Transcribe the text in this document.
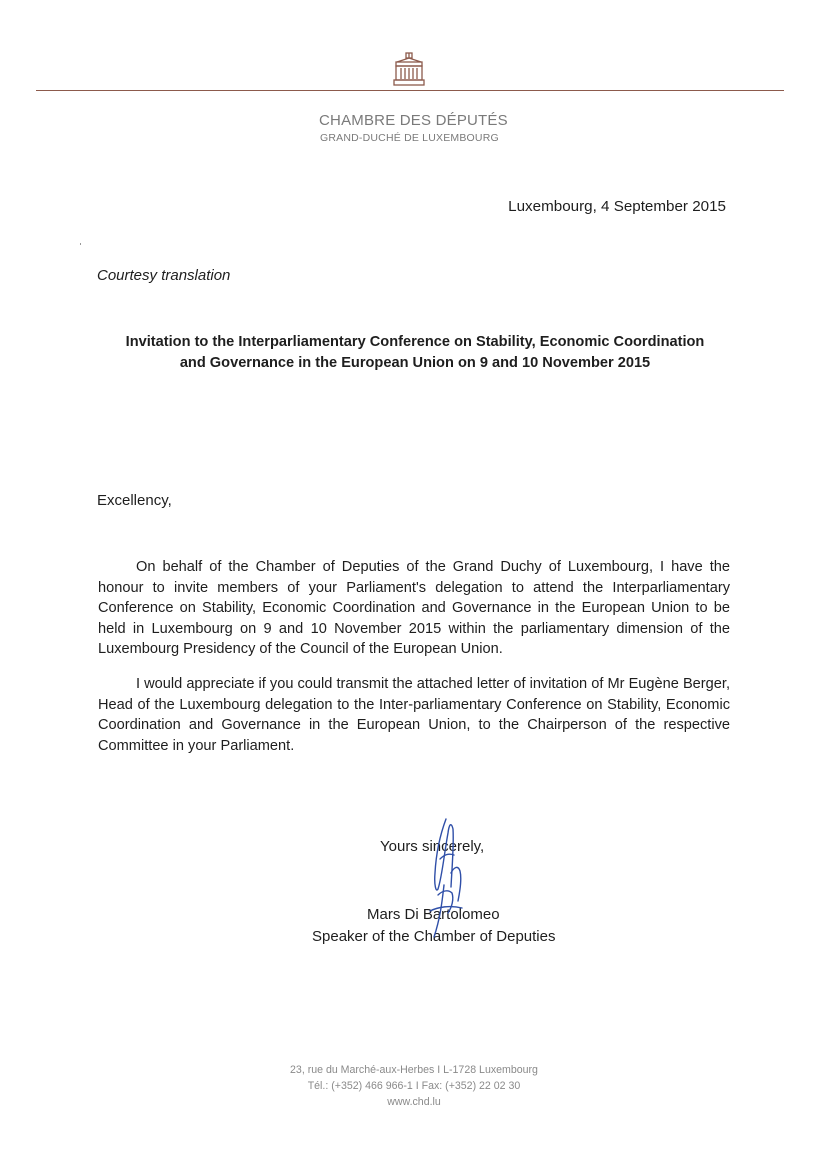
CHAMBRE DES DÉPUTÉS
GRAND-DUCHÉ DE LUXEMBOURG
Luxembourg, 4 September 2015
Courtesy translation
Invitation to the Interparliamentary Conference on Stability, Economic Coordination
and Governance in the European Union on 9 and 10 November 2015
Excellency,

On behalf of the Chamber of Deputies of the Grand Duchy of Luxembourg, I have the honour to invite members of your Parliament's delegation to attend the Interparliamentary Conference on Stability, Economic Coordination and Governance in the European Union to be held in Luxembourg on 9 and 10 November 2015 within the parliamentary dimension of the Luxembourg Presidency of the Council of the European Union.

I would appreciate if you could transmit the attached letter of invitation of Mr Eugène Berger, Head of the Luxembourg delegation to the Inter-parliamentary Conference on Stability, Economic Coordination and Governance in the European Union, to the Chairperson of the respective Committee in your Parliament.

Yours sincerely,
Mars Di Bartolomeo
Speaker of the Chamber of Deputies
23, rue du Marché-aux-Herbes I L-1728 Luxembourg
Tél.: (+352) 466 966-1 I Fax: (+352) 22 02 30
www.chd.lu
